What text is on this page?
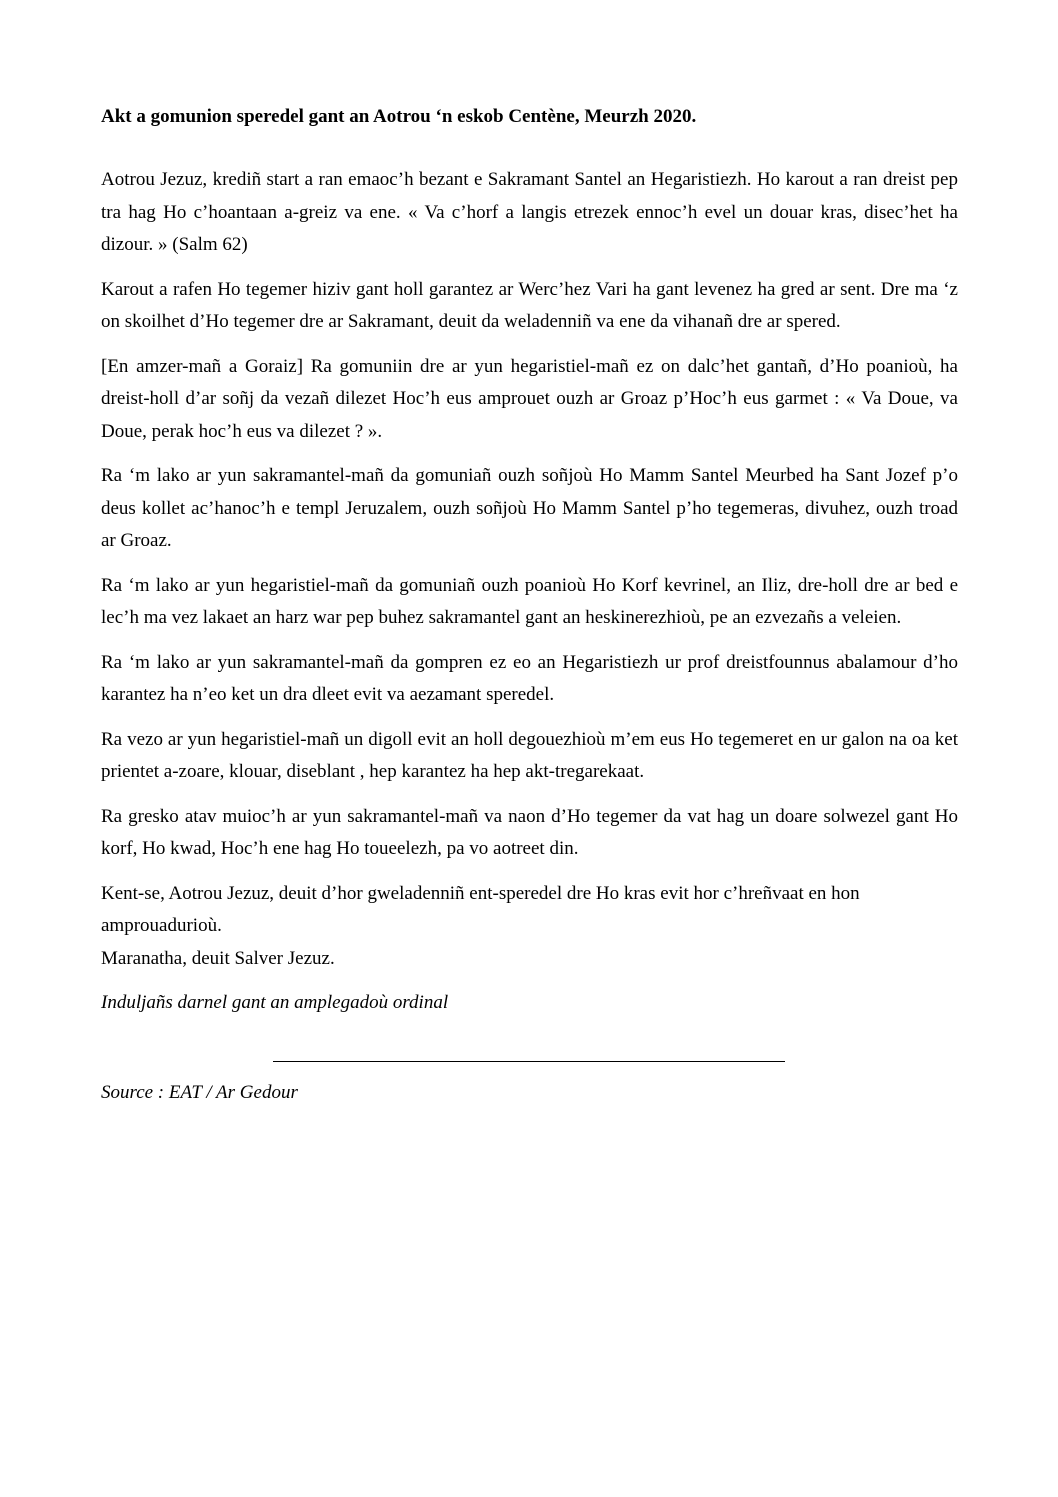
Akt a gomunion speredel gant an Aotrou ‘n eskob Centène, Meurzh 2020.

Aotrou Jezuz, krediñ start a ran emaoc’h bezant e Sakramant Santel an Hegaristiezh. Ho karout a ran dreist pep tra hag Ho c’hoantaan a-greiz va ene. « Va c’horf a langis etrezek ennoc’h evel un douar kras, disec’het ha dizour. » (Salm 62)

Karout a rafen Ho tegemer hiziv gant holl garantez ar Werc’hez Vari ha gant levenez ha gred ar sent. Dre ma ‘z on skoilhet d’Ho tegemer dre ar Sakramant, deuit da weladenniñ va ene da vihanañ dre ar spered.

[En amzer-mañ a Goraiz] Ra gomuniin dre ar yun hegaristiel-mañ ez on dalc’het gantañ, d’Ho poanioù, ha dreist-holl d’ar soñj da vezañ dilezet Hoc’h eus amprouet ouzh ar Groaz p’Hoc’h eus garmet : « Va Doue, va Doue, perak hoc’h eus va dilezet ? ».

Ra ‘m lako ar yun sakramantel-mañ da gomuniañ ouzh soñjoù Ho Mamm Santel Meurbed ha Sant Jozef p’o deus kollet ac’hanoc’h e templ Jeruzalem, ouzh soñjoù Ho Mamm Santel p’ho tegemeras, divuhez, ouzh troad ar Groaz.

Ra ‘m lako ar yun hegaristiel-mañ da gomuniañ ouzh poanioù Ho Korf kevrinel, an Iliz, dre-holl dre ar bed e lec’h ma vez lakaet an harz war pep buhez sakramantel gant an heskinerezhioù, pe an ezvezañs a veleien.

Ra ‘m lako ar yun sakramantel-mañ da gompren ez eo an Hegaristiezh ur prof dreistfounnus abalamour d’ho karantez ha n’eo ket un dra dleet evit va aezamant speredel.

Ra vezo ar yun hegaristiel-mañ un digoll evit an holl degouezhioù m’em eus Ho tegemeret en ur galon na oa ket prientet a-zoare, klouar, diseblant , hep karantez ha hep akt-tregarekaat.

Ra gresko atav muioc’h ar yun sakramantel-mañ va naon d’Ho tegemer da vat hag un doare solwezel gant Ho korf, Ho kwad, Hoc’h ene hag Ho toueelezh, pa vo aotreet din.

Kent-se, Aotrou Jezuz, deuit d’hor gweladenniñ ent-speredel dre Ho kras evit hor c’hreñvaat en hon amprouadurioù.
Maranatha, deuit Salver Jezuz.

Induljañs darnel gant an amplegadoù ordinal

Source : EAT / Ar Gedour
